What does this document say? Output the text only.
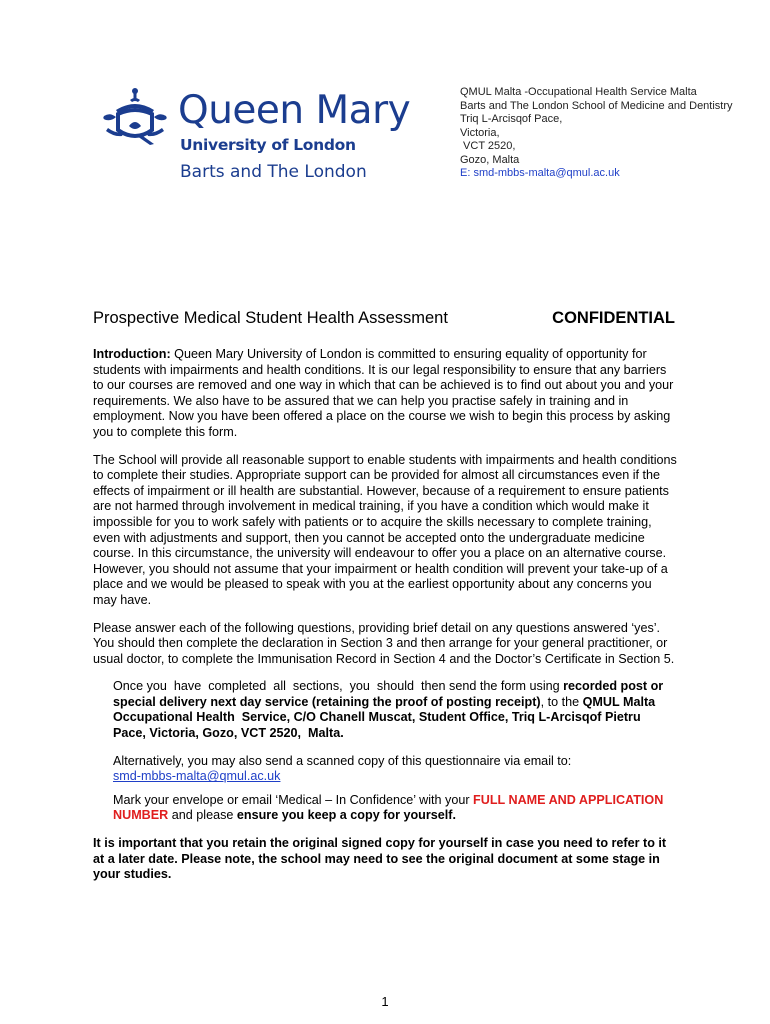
Queen Mary
University of London
Barts and The London
QMUL Malta -Occupational Health Service Malta
Barts and The London School of Medicine and Dentistry
Triq L-Arcisqof Pace,
Victoria,
VCT 2520,
Gozo, Malta
E: smd-mbbs-malta@qmul.ac.uk
Prospective Medical Student Health Assessment	CONFIDENTIAL

Introduction: Queen Mary University of London is committed to ensuring equality of opportunity for students with impairments and health conditions. It is our legal responsibility to ensure that any barriers to our courses are removed and one way in which that can be achieved is to find out about you and your requirements. We also have to be assured that we can help you practise safely in training and in employment. Now you have been offered a place on the course we wish to begin this process by asking you to complete this form.

The School will provide all reasonable support to enable students with impairments and health conditions to complete their studies. Appropriate support can be provided for almost all circumstances even if the effects of impairment or ill health are substantial. However, because of a requirement to ensure patients are not harmed through involvement in medical training, if you have a condition which would make it impossible for you to work safely with patients or to acquire the skills necessary to complete training, even with adjustments and support, then you cannot be accepted onto the undergraduate medicine course. In this circumstance, the university will endeavour to offer you a place on an alternative course. However, you should not assume that your impairment or health condition will prevent your take-up of a place and we would be pleased to speak with you at the earliest opportunity about any concerns you may have.

Please answer each of the following questions, providing brief detail on any questions answered ‘yes’. You should then complete the declaration in Section 3 and then arrange for your general practitioner, or usual doctor, to complete the Immunisation Record in Section 4 and the Doctor’s Certificate in Section 5.

Once you  have  completed  all  sections,  you  should  then send the form using recorded post or special delivery next day service (retaining the proof of posting receipt), to the QMUL Malta Occupational Health  Service, C/O Chanell Muscat, Student Office, Triq L-Arcisqof Pietru Pace, Victoria, Gozo, VCT 2520,  Malta.

Alternatively, you may also send a scanned copy of this questionnaire via email to:
smd-mbbs-malta@qmul.ac.uk

Mark your envelope or email ‘Medical – In Confidence’ with your FULL NAME AND APPLICATION NUMBER and please ensure you keep a copy for yourself.

It is important that you retain the original signed copy for yourself in case you need to refer to it at a later date. Please note, the school may need to see the original document at some stage in your studies.

1
